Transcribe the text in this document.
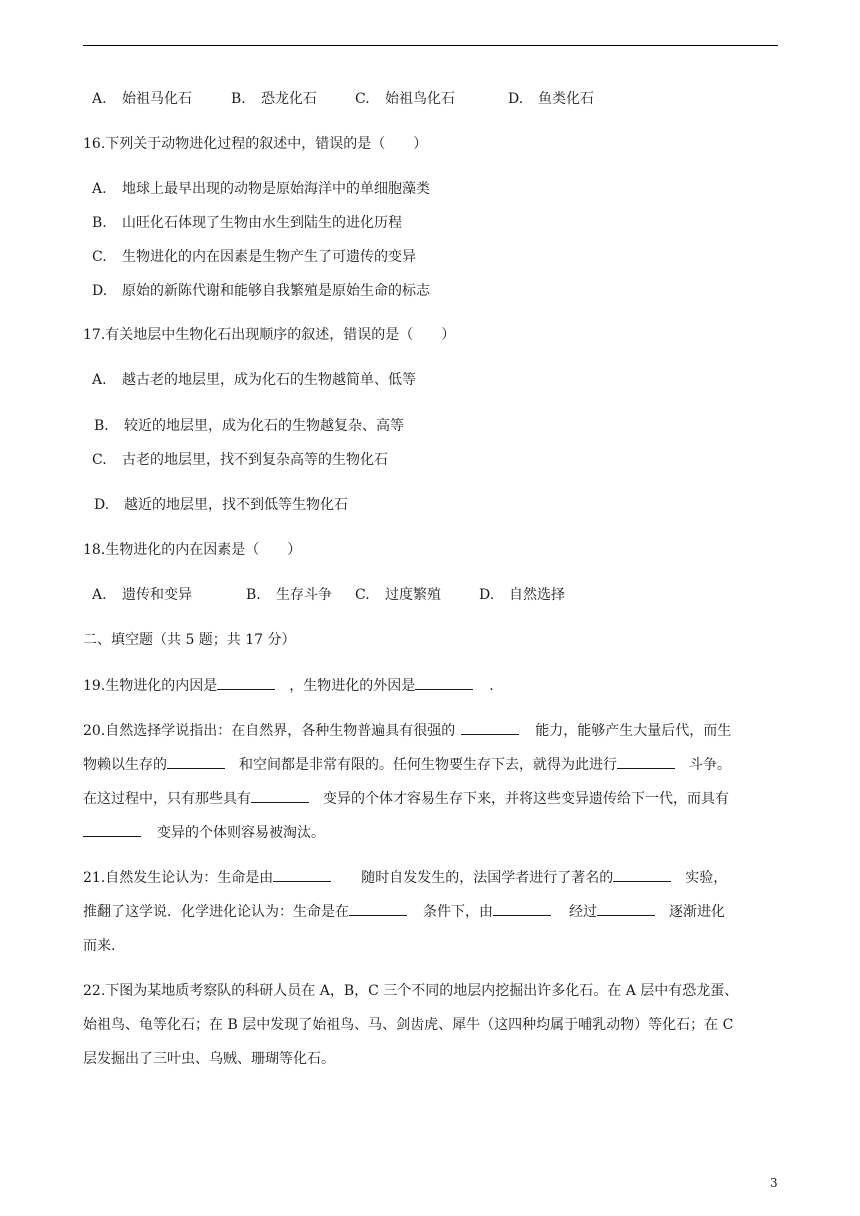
A. 始祖马化石	B. 恐龙化石	C. 始祖鸟化石	D. 鱼类化石
16.下列关于动物进化过程的叙述中，错误的是（　　）
A. 地球上最早出现的动物是原始海洋中的单细胞藻类
B. 山旺化石体现了生物由水生到陆生的进化历程
C. 生物进化的内在因素是生物产生了可遗传的变异
D. 原始的新陈代谢和能够自我繁殖是原始生命的标志
17.有关地层中生物化石出现顺序的叙述，错误的是（　　）
A. 越古老的地层里，成为化石的生物越简单、低等
B. 较近的地层里，成为化石的生物越复杂、高等
C. 古老的地层里，找不到复杂高等的生物化石
D. 越近的地层里，找不到低等生物化石
18.生物进化的内在因素是（　　）
A. 遗传和变异	B. 生存斗争 C. 过度繁殖	D. 自然选择
二、填空题（共 5 题；共 17 分）
19.生物进化的内因是	，生物进化的外因是	.
20.自然选择学说指出：在自然界，各种生物普遍具有很强的	能力，能够产生大量后代，而生
物赖以生存的	和空间都是非常有限的。任何生物要生存下去，就得为此进行	斗争。
在这过程中，只有那些具有	变异的个体才容易生存下来，并将这些变异遗传给下一代，而具有
变异的个体则容易被淘汰。
21.自然发生论认为：生命是由	随时自发发生的，法国学者进行了著名的	实验，
推翻了这学说．化学进化论认为：生命是在	条件下，由	经过	逐渐进化
而来.
22.下图为某地质考察队的科研人员在 A，B，C 三个不同的地层内挖掘出许多化石。在 A 层中有恐龙蛋、
始祖鸟、龟等化石；在 B 层中发现了始祖鸟、马、剑齿虎、犀牛（这四种均属于哺乳动物）等化石；在 C
层发掘出了三叶虫、乌贼、珊瑚等化石。
3
